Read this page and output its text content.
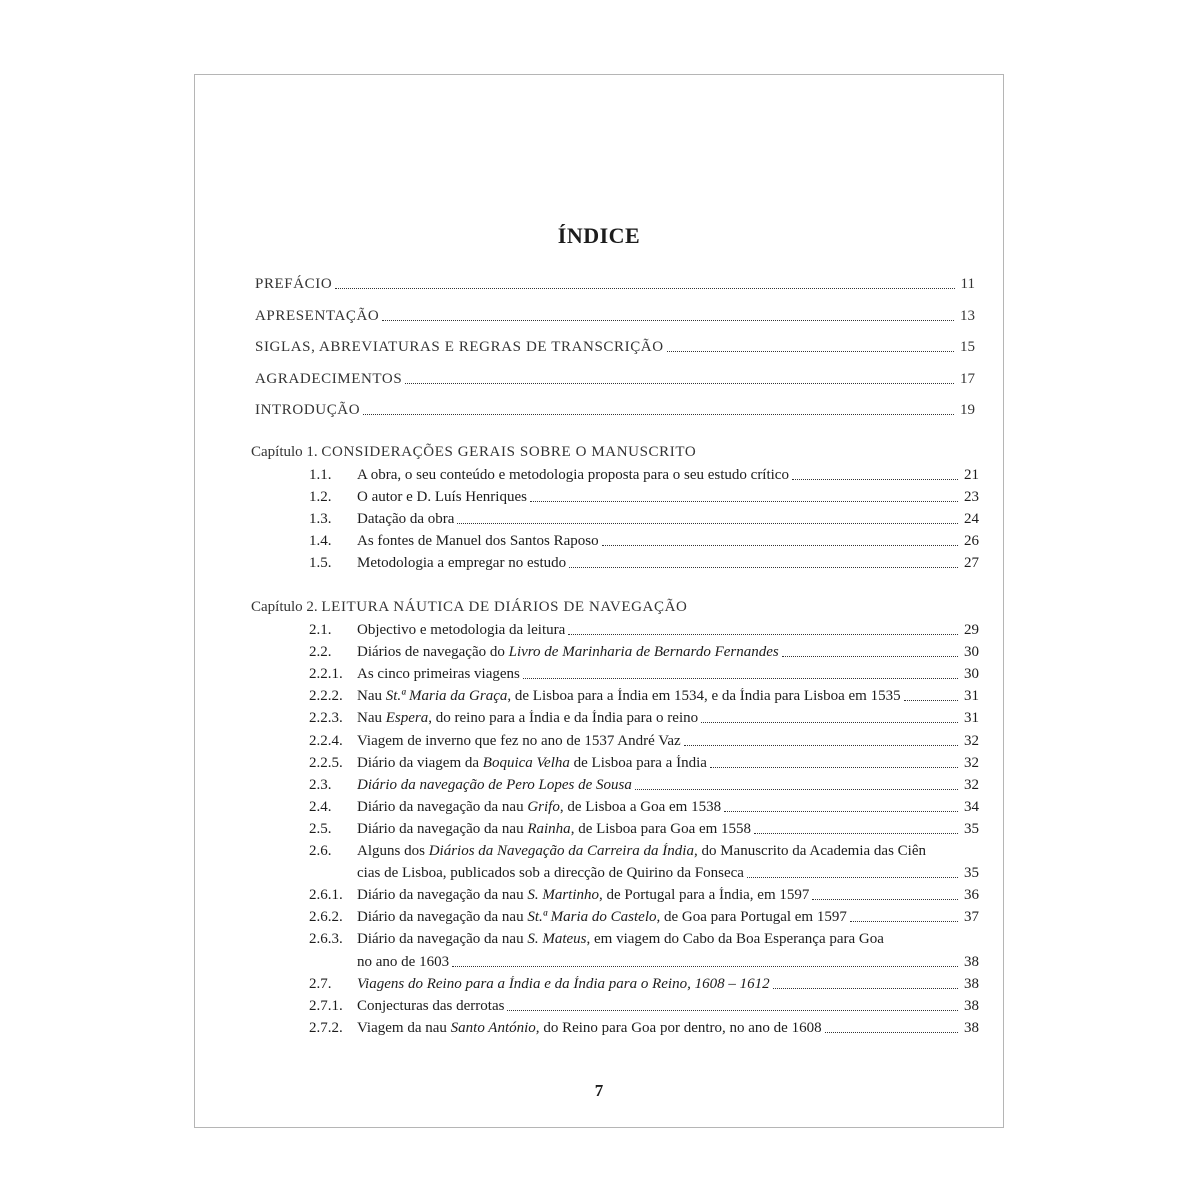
ÍNDICE
PREFÁCIO	11
APRESENTAÇÃO	13
SIGLAS, ABREVIATURAS E REGRAS DE TRANSCRIÇÃO	15
AGRADECIMENTOS	17
INTRODUÇÃO	19
Capítulo 1. CONSIDERAÇÕES GERAIS SOBRE O MANUSCRITO
1.1.	A obra, o seu conteúdo e metodologia proposta para o seu estudo crítico	21
1.2.	O autor e D. Luís Henriques	23
1.3.	Datação da obra	24
1.4.	As fontes de Manuel dos Santos Raposo	26
1.5.	Metodologia a empregar no estudo	27
Capítulo 2. LEITURA NÁUTICA DE DIÁRIOS DE NAVEGAÇÃO
2.1.	Objectivo e metodologia da leitura	29
2.2.	Diários de navegação do Livro de Marinharia de Bernardo Fernandes	30
2.2.1. As cinco primeiras viagens	30
2.2.2. Nau St.ª Maria da Graça, de Lisboa para a Índia em 1534, e da Índia para Lisboa em 1535	31
2.2.3. Nau Espera, do reino para a Índia e da Índia para o reino	31
2.2.4. Viagem de inverno que fez no ano de 1537 André Vaz	32
2.2.5. Diário da viagem da Boquica Velha de Lisboa para a Índia	32
2.3.	Diário da navegação de Pero Lopes de Sousa	32
2.4.	Diário da navegação da nau Grifo, de Lisboa a Goa em 1538	34
2.5.	Diário da navegação da nau Rainha, de Lisboa para Goa em 1558	35
2.6.	Alguns dos Diários da Navegação da Carreira da Índia, do Manuscrito da Academia das Ciên
cias de Lisboa, publicados sob a direcção de Quirino da Fonseca	35
2.6.1. Diário da navegação da nau S. Martinho, de Portugal para a Índia, em 1597	36
2.6.2. Diário da navegação da nau St.ª Maria do Castelo, de Goa para Portugal em 1597	37
2.6.3. Diário da navegação da nau S. Mateus, em viagem do Cabo da Boa Esperança para Goa
no ano de 1603	38
2.7.	Viagens do Reino para a Índia e da Índia para o Reino, 1608 – 1612	38
2.7.1. Conjecturas das derrotas	38
2.7.2. Viagem da nau Santo António, do Reino para Goa por dentro, no ano de 1608	38
7
